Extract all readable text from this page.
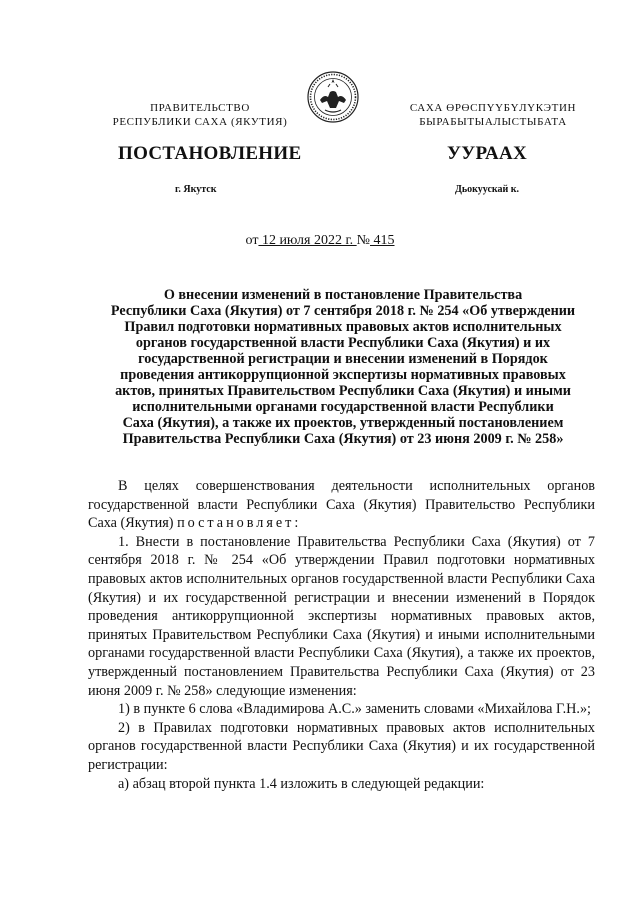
ПРАВИТЕЛЬСТВО
РЕСПУБЛИКИ САХА (ЯКУТИЯ)
САХА ӨРӨСПҮҮБҮЛҮКЭТИН
БЫРАБЫТЫАЛЫСТЫБАТА
ПОСТАНОВЛЕНИЕ	УУРААХ
г. Якутск	Дьокуускай к.
от 12 июля 2022 г. № 415
О внесении изменений в постановление Правительства
Республики Саха (Якутия) от 7 сентября 2018 г. № 254 «Об утверждении
Правил подготовки нормативных правовых актов исполнительных
органов государственной власти Республики Саха (Якутия) и их
государственной регистрации и внесении изменений в Порядок
проведения антикоррупционной экспертизы нормативных правовых
актов, принятых Правительством Республики Саха (Якутия) и иными
исполнительными органами государственной власти Республики
Саха (Якутия), а также их проектов, утвержденный постановлением
Правительства Республики Саха (Якутия) от 23 июня 2009 г. № 258»

В целях совершенствования деятельности исполнительных органов государственной власти Республики Саха (Якутия) Правительство Республики Саха (Якутия) постановляет:

1. Внести в постановление Правительства Республики Саха (Якутия) от 7 сентября 2018 г. № 254 «Об утверждении Правил подготовки нормативных правовых актов исполнительных органов государственной власти Республики Саха (Якутия) и их государственной регистрации и внесении изменений в Порядок проведения антикоррупционной экспертизы нормативных правовых актов, принятых Правительством Республики Саха (Якутия) и иными исполнительными органами государственной власти Республики Саха (Якутия), а также их проектов, утвержденный постановлением Правительства Республики Саха (Якутия) от 23 июня 2009 г. № 258» следующие изменения:

1) в пункте 6 слова «Владимирова А.С.» заменить словами «Михайлова Г.Н.»;

2) в Правилах подготовки нормативных правовых актов исполнительных органов государственной власти Республики Саха (Якутия) и их государственной регистрации:

а) абзац второй пункта 1.4 изложить в следующей редакции:
